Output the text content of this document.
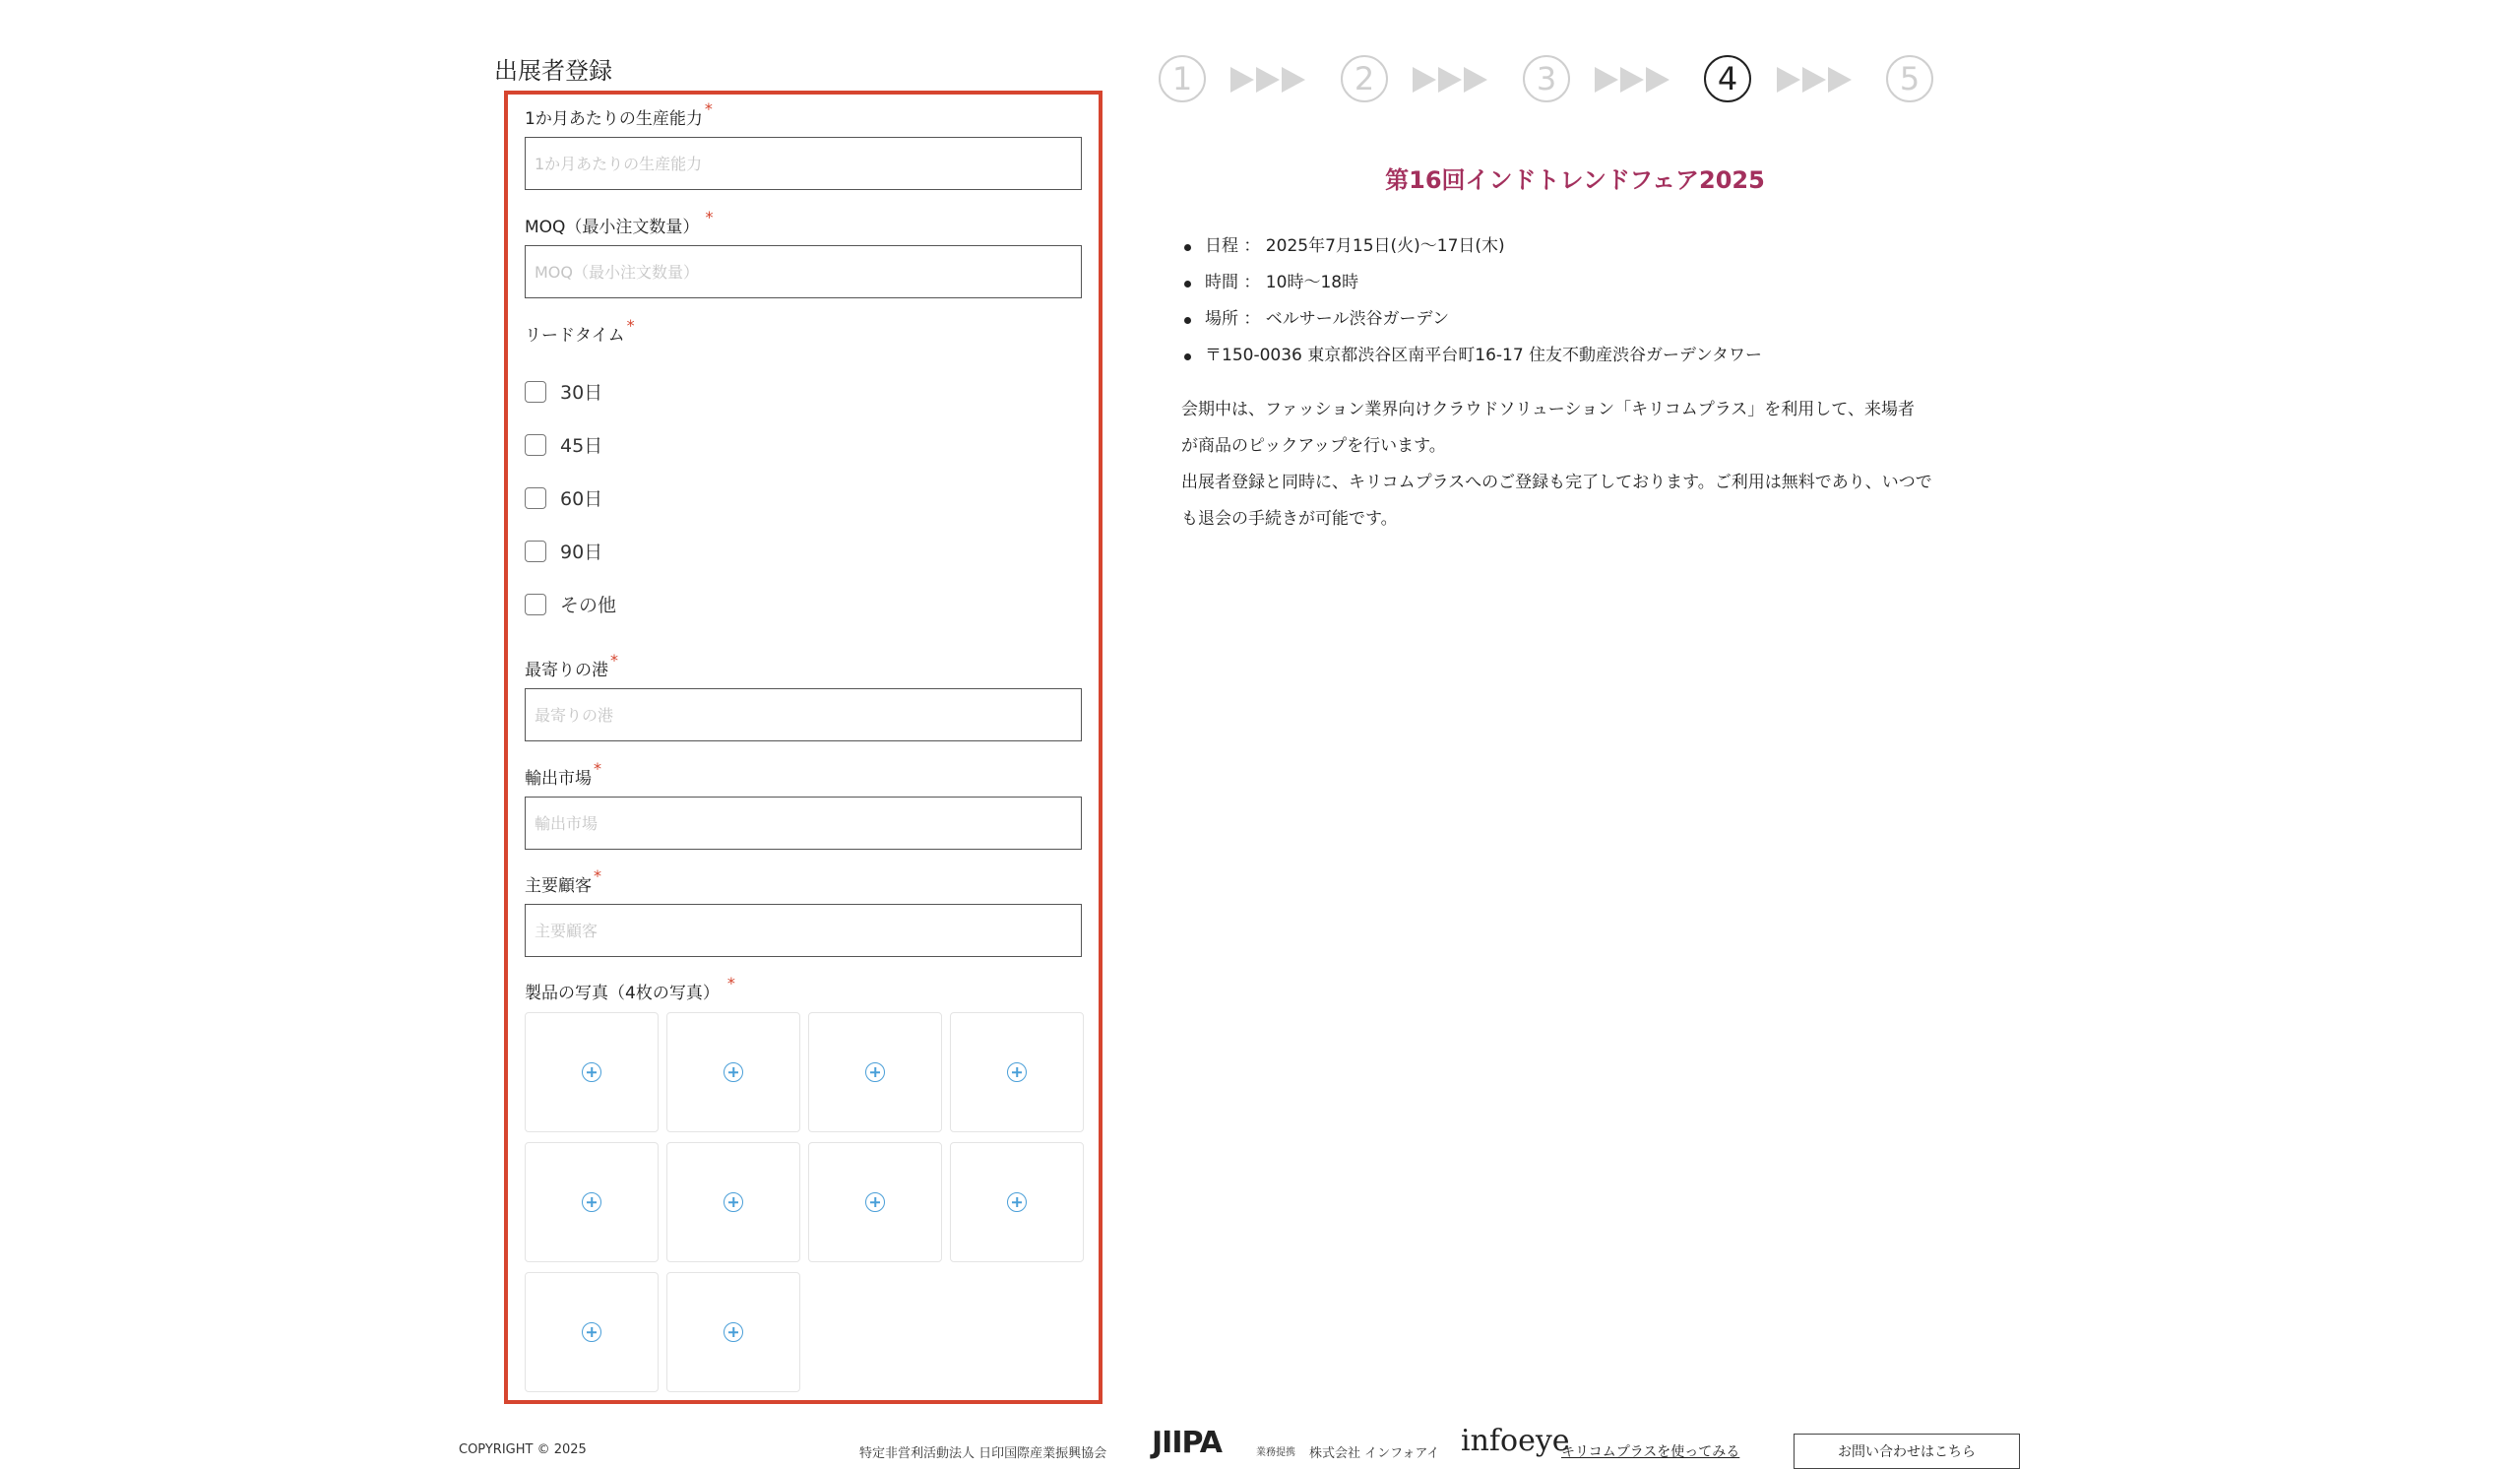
出展者登録
1か月あたりの生産能力
*
1か月あたりの生産能力
MOQ（最小注文数量）
*
MOQ（最小注文数量）
リードタイム
*
30日
45日
60日
90日
その他
最寄りの港
*
最寄りの港
輸出市場
*
輸出市場
主要顧客
*
主要顧客
製品の写真（4枚の写真）
*
1	2	3	4	5
第16回インドトレンドフェア2025
日程 ： 2025年7月15日(火)〜17日(木)
時間 ： 10時〜18時
場所 ： ベルサール渋谷ガーデン
〒150-0036 東京都渋谷区南平台町16-17 住友不動産渋谷ガーデンタワー
会期中は、ファッション業界向けクラウドソリューション「キリコムプラス」を利用して、来場者
が商品のピックアップを行います。
出展者登録と同時に、キリコムプラスへのご登録も完了しております。ご利用は無料であり、いつで
も退会の手続きが可能です。
COPYRIGHT © 2025	特定非営利活動法人 日印国際産業振興協会 JIIPA	業務提携 株式会社 インフォアイ infoeye
キリコムプラスを使ってみる	お問い合わせはこちら
